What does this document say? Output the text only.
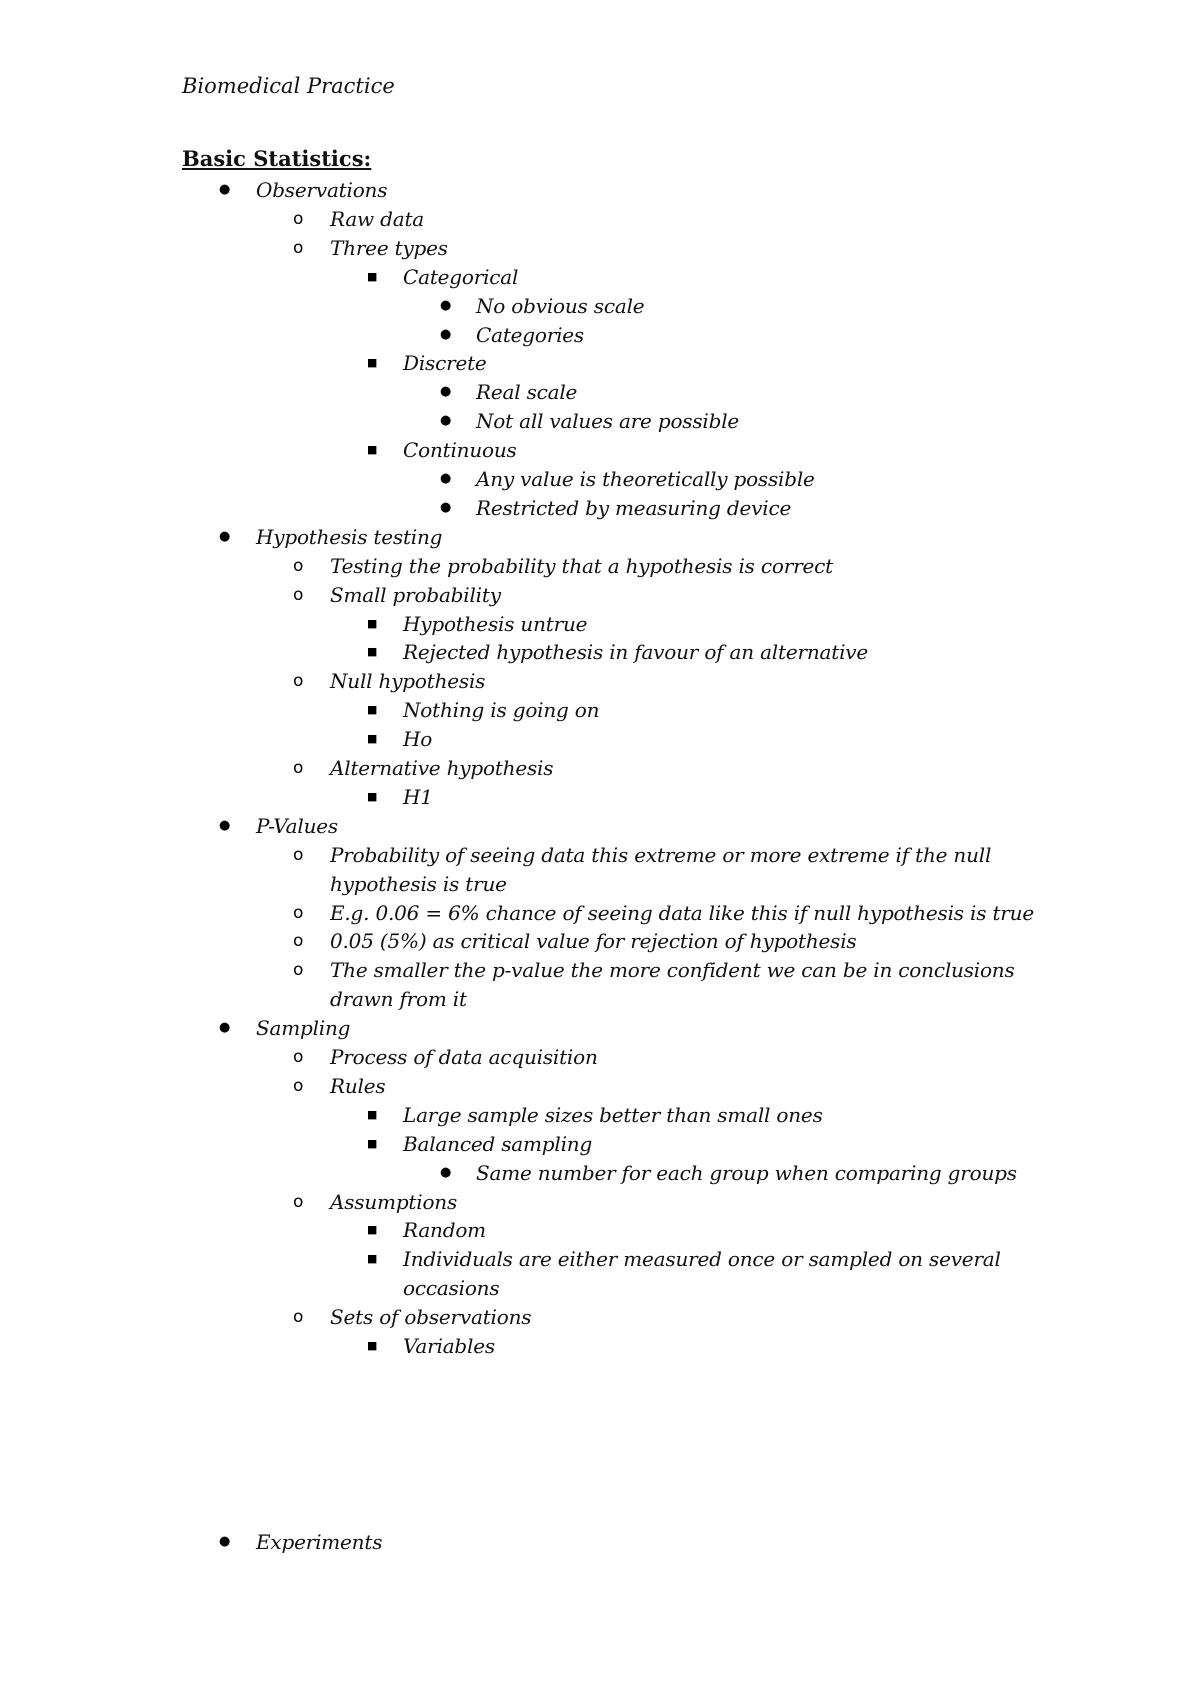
Biomedical Practice
Basic Statistics:
● Observations
o Raw data
o Three types
■ Categorical
● No obvious scale
● Categories
■ Discrete
● Real scale
● Not all values are possible
■ Continuous
● Any value is theoretically possible
● Restricted by measuring device
● Hypothesis testing
o Testing the probability that a hypothesis is correct
o Small probability
■ Hypothesis untrue
■ Rejected hypothesis in favour of an alternative
o Null hypothesis
■ Nothing is going on
■ Ho
o Alternative hypothesis
■ H1
● P-Values
o Probability of seeing data this extreme or more extreme if the null
hypothesis is true
o E.g. 0.06 = 6% chance of seeing data like this if null hypothesis is true
o 0.05 (5%) as critical value for rejection of hypothesis
o The smaller the p-value the more confident we can be in conclusions
drawn from it
● Sampling
o Process of data acquisition
o Rules
■ Large sample sizes better than small ones
■ Balanced sampling
● Same number for each group when comparing groups
o Assumptions
■ Random
■ Individuals are either measured once or sampled on several
occasions
o Sets of observations
■ Variables
● Experiments
